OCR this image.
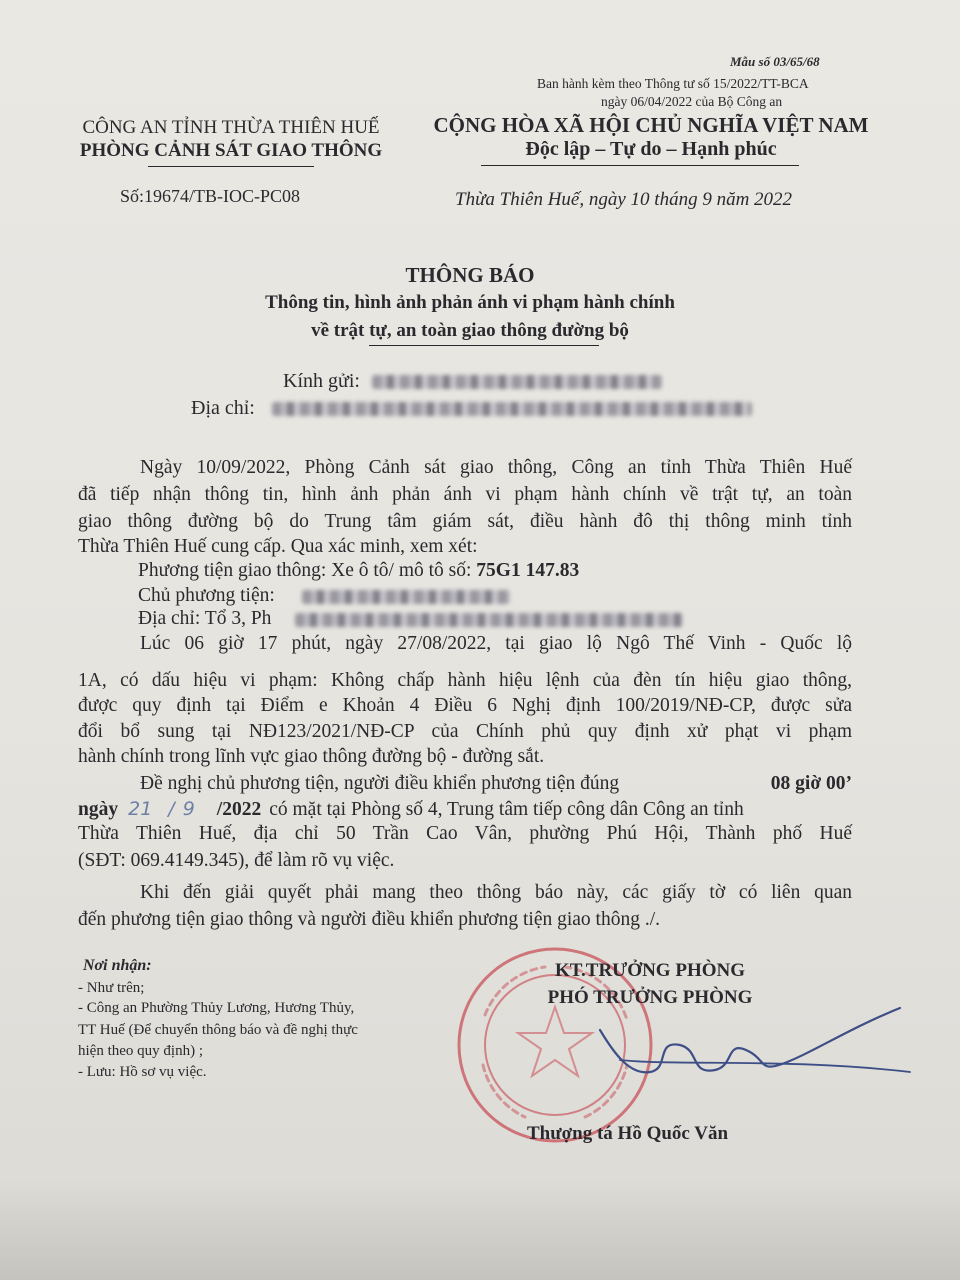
Mẫu số 03/65/68
Ban hành kèm theo Thông tư số 15/2022/TT-BCA
ngày 06/04/2022 của Bộ Công an
CÔNG AN TỈNH THỪA THIÊN HUẾ
PHÒNG CẢNH SÁT GIAO THÔNG
CỘNG HÒA XÃ HỘI CHỦ NGHĨA VIỆT NAM
Độc lập – Tự do – Hạnh phúc
Số:19674/TB-IOC-PC08	Thừa Thiên Huế, ngày 10 tháng 9 năm 2022
THÔNG BÁO
Thông tin, hình ảnh phản ánh vi phạm hành chính
về trật tự, an toàn giao thông đường bộ
Kính gửi:
Địa chỉ:
Ngày 10/09/2022, Phòng Cảnh sát giao thông, Công an tỉnh Thừa Thiên Huế
đã tiếp nhận thông tin, hình ảnh phản ánh vi phạm hành chính về trật tự, an toàn
giao thông đường bộ do Trung tâm giám sát, điều hành đô thị thông minh tỉnh
Thừa Thiên Huế cung cấp. Qua xác minh, xem xét:
Phương tiện giao thông: Xe ô tô/ mô tô số: 75G1 147.83
Chủ phương tiện:
Địa chỉ: Tổ 3, Ph
Lúc 06 giờ 17 phút, ngày 27/08/2022, tại giao lộ Ngô Thế Vinh - Quốc lộ
1A, có dấu hiệu vi phạm: Không chấp hành hiệu lệnh của đèn tín hiệu giao thông,
được quy định tại Điểm e Khoản 4 Điều 6 Nghị định 100/2019/NĐ-CP, được sửa
đổi bổ sung tại NĐ123/2021/NĐ-CP của Chính phủ quy định xử phạt vi phạm
hành chính trong lĩnh vực giao thông đường bộ - đường sắt.
Đề nghị chủ phương tiện, người điều khiển phương tiện đúng	08 giờ 00’
ngày 21 / 9 /2022 có mặt tại Phòng số 4, Trung tâm tiếp công dân Công an tỉnh
Thừa Thiên Huế, địa chỉ 50 Trần Cao Vân, phường Phú Hội, Thành phố Huế
(SĐT: 069.4149.345), để làm rõ vụ việc.
Khi đến giải quyết phải mang theo thông báo này, các giấy tờ có liên quan
đến phương tiện giao thông và người điều khiển phương tiện giao thông ./.
Nơi nhận:
- Như trên;
- Công an Phường Thủy Lương, Hương Thủy,
TT Huế (Để chuyển thông báo và đề nghị thực
hiện theo quy định) ;
- Lưu: Hồ sơ vụ việc.
KT.TRƯỞNG PHÒNG
PHÓ TRƯỞNG PHÒNG
Thượng tá Hồ Quốc Văn
